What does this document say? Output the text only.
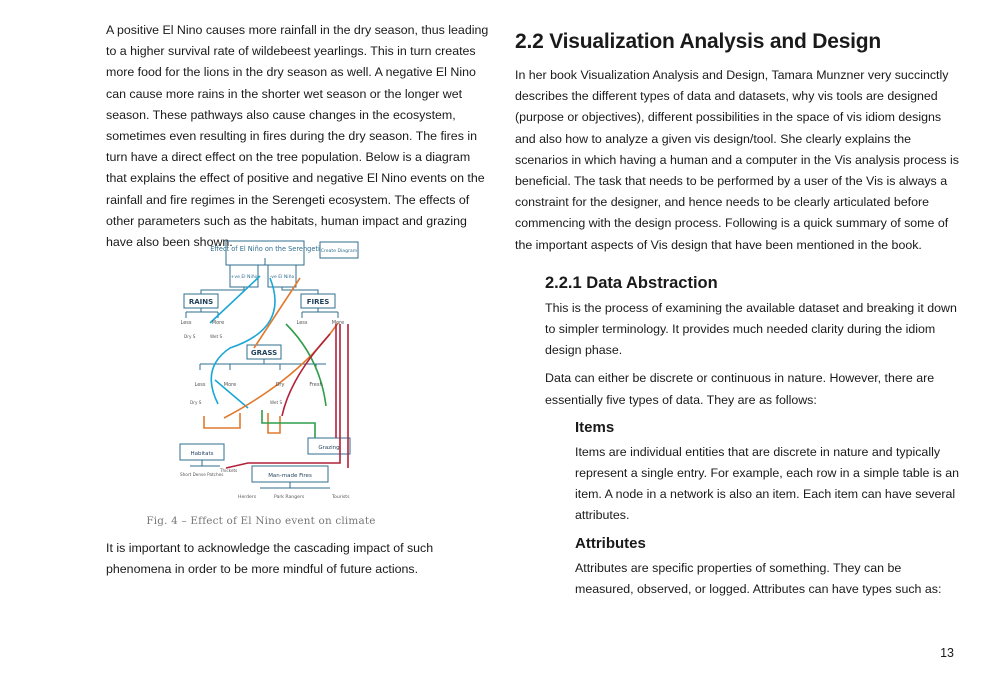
A positive El Nino causes more rainfall in the dry season, thus leading to a higher survival rate of wildebeest yearlings. This in turn creates more food for the lions in the dry season as well. A negative El Nino can cause more rains in the shorter wet season or the longer wet season. These pathways also cause changes in the ecosystem, sometimes even resulting in fires during the dry season. The fires in turn have a direct effect on the tree population. Below is a diagram that explains the effect of positive and negative El Nino events on the rainfall and fire regimes in the Serengeti ecosystem. The effects of other parameters such as the habitats, human impact and grazing have also been shown.

Effect of El Niño on the Serengeti Create Diagram
+ve El Niño	-ve El Niño
RAINS	FIRES
Less	More	Less	More
GRASS
Less	More	Dry	Fresh
Dry S	Wet S
Dry S	Wet S
Habitats
Grazing
Man-made Fires
Short Dense Patches
Thickets
Herders	Park Rangers	Tourists
Fig. 4 – Effect of El Nino event on climate

It is important to acknowledge the cascading impact of such phenomena in order to be more mindful of future actions.

2.2 Visualization Analysis and Design

In her book Visualization Analysis and Design, Tamara Munzner very succinctly describes the different types of data and datasets, why vis tools are designed (purpose or objectives), different possibilities in the space of vis idiom designs and also how to analyze a given vis design/tool. She clearly explains the scenarios in which having a human and a computer in the Vis analysis process is beneficial. The task that needs to be performed by a user of the Vis is always a constraint for the designer, and hence needs to be clearly articulated before commencing with the design process. Following is a quick summary of some of the important aspects of Vis design that have been mentioned in the book.

2.2.1 Data Abstraction

This is the process of examining the available dataset and breaking it down to simpler terminology. It provides much needed clarity during the idiom design phase.

Data can either be discrete or continuous in nature. However, there are essentially five types of data. They are as follows:

Items

Items are individual entities that are discrete in nature and typically represent a single entry. For example, each row in a simple table is an item. A node in a network is also an item. Each item can have several attributes.

Attributes

Attributes are specific properties of something. They can be measured, observed, or logged. Attributes can have types such as:

13
